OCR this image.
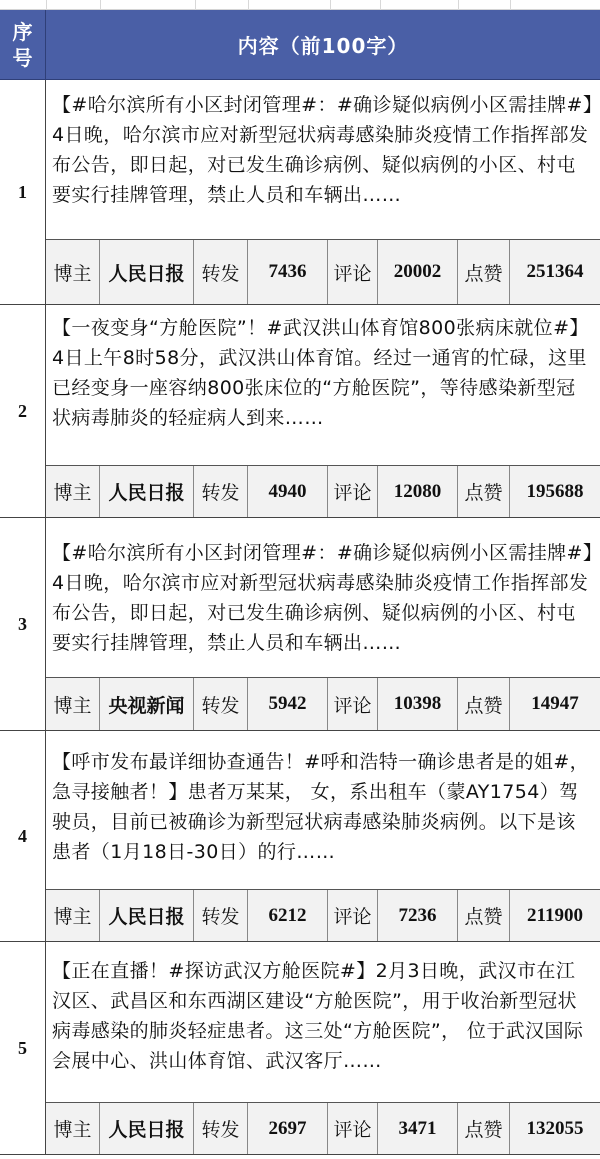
序
号	内容（前100字）
1
【#哈尔滨所有小区封闭管理#：#确诊疑似病例小区需挂牌#】4日晚，哈尔滨市应对新型冠状病毒感染肺炎疫情工作指挥部发布公告，即日起，对已发生确诊病例、疑似病例的小区、村屯要实行挂牌管理，禁止人员和车辆出……
博主 人民日报 转发	7436	评论	20002	点赞	251364
2
【一夜变身“方舱医院”！#武汉洪山体育馆800张病床就位#】4日上午8时58分，武汉洪山体育馆。经过一通宵的忙碌，这里已经变身一座容纳800张床位的“方舱医院”，等待感染新型冠状病毒肺炎的轻症病人到来……
博主 人民日报 转发	4940	评论	12080	点赞	195688
3
【#哈尔滨所有小区封闭管理#：#确诊疑似病例小区需挂牌#】4日晚，哈尔滨市应对新型冠状病毒感染肺炎疫情工作指挥部发布公告，即日起，对已发生确诊病例、疑似病例的小区、村屯要实行挂牌管理，禁止人员和车辆出……
博主 央视新闻 转发	5942	评论	10398	点赞	14947
4
【呼市发布最详细协查通告！#呼和浩特一确诊患者是的姐#，急寻接触者！】患者万某某， 女，系出租车（蒙AY1754）驾驶员，目前已被确诊为新型冠状病毒感染肺炎病例。以下是该患者（1月18日-30日）的行……
博主 人民日报 转发	6212	评论	7236	点赞	211900
5
【正在直播！#探访武汉方舱医院#】2月3日晚，武汉市在江汉区、武昌区和东西湖区建设“方舱医院”，用于收治新型冠状病毒感染的肺炎轻症患者。这三处“方舱医院”， 位于武汉国际会展中心、洪山体育馆、武汉客厅……
博主 人民日报 转发	2697	评论	3471	点赞	132055
